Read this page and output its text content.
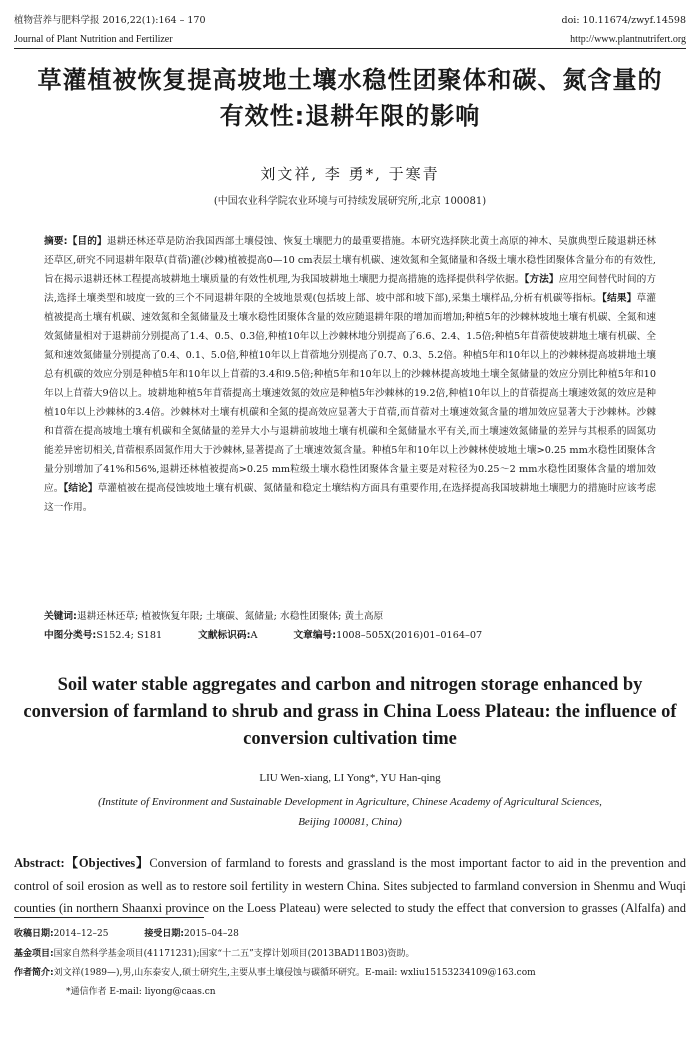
植物营养与肥料学报 2016,22(1):164 – 170	doi: 10.11674/zwyf.14598
Journal of Plant Nutrition and Fertilizer	http://www.plantnutrifert.org
草灌植被恢复提高坡地土壤水稳性团聚体和碳、氮含量的有效性:退耕年限的影响
刘文祥, 李 勇*, 于寒青
(中国农业科学院农业环境与可持续发展研究所,北京 100081)
摘要:【目的】退耕还林还草是防治我国西部土壤侵蚀、恢复土壤肥力的最重要措施。本研究选择陕北黄土高原的神木、吴旗典型丘陵退耕还林还草区,研究不同退耕年限草(苜蓿)灌(沙棘)植被提高0—10 cm表层土壤有机碳、速效氮和全氮储量和各级土壤水稳性团聚体含量分布的有效性,旨在揭示退耕还林工程提高坡耕地土壤质量的有效性机理,为我国坡耕地土壤肥力提高措施的选择提供科学依据。【方法】应用空间替代时间的方法,选择土壤类型和坡度一致的三个不同退耕年限的全坡地景观(包括坡上部、坡中部和坡下部),采集土壤样品,分析有机碳等指标。【结果】草灌植被提高土壤有机碳、速效氮和全氮储量及土壤水稳性团聚体含量的效应随退耕年限的增加而增加;种植5年的沙棘林坡地土壤有机碳、全氮和速效氮储量相对于退耕前分别提高了1.4、0.5、0.3倍,种植10年以上沙棘林地分别提高了6.6、2.4、1.5倍;种植5年苜蓿使坡耕地土壤有机碳、全氮和速效氮储量分别提高了0.4、0.1、5.0倍,种植10年以上苜蓿地分别提高了0.7、0.3、5.2倍。种植5年和10年以上的沙棘林提高坡耕地土壤总有机碳的效应分别是种植5年和10年以上苜蓿的3.4和9.5倍;种植5年和10年以上的沙棘林提高坡地土壤全氮储量的效应分别比种植5年和10年以上苜蓿大9倍以上。坡耕地种植5年苜蓿提高土壤速效氮的效应是种植5年沙棘林的19.2倍,种植10年以上的苜蓿提高土壤速效氮的效应是种植10年以上沙棘林的3.4倍。沙棘林对土壤有机碳和全氮的提高效应显著大于苜蓿,而苜蓿对土壤速效氮含量的增加效应显著大于沙棘林。沙棘和苜蓿在提高坡地土壤有机碳和全氮储量的差异大小与退耕前坡地土壤有机碳和全氮储量水平有关,而土壤速效氮储量的差异与其根系的固氮功能差异密切相关,苜蓿根系固氮作用大于沙棘林,显著提高了土壤速效氮含量。种植5年和10年以上沙棘林使坡地土壤>0.25 mm水稳性团聚体含量分别增加了41%和56%,退耕还林植被提高>0.25 mm粒级土壤水稳性团聚体含量主要是对粒径为0.25〜2 mm水稳性团聚体含量的增加效应。【结论】草灌植被在提高侵蚀坡地土壤有机碳、氮储量和稳定土壤结构方面具有重要作用,在选择提高我国坡耕地土壤肥力的措施时应该考虑这一作用。
关键词:退耕还林还草; 植被恢复年限; 土壤碳、氮储量; 水稳性团聚体; 黄土高原
中图分类号:S152.4; S181	文献标识码:A	文章编号:1008–505X(2016)01–0164–07
Soil water stable aggregates and carbon and nitrogen storage enhanced by conversion of farmland to shrub and grass in China Loess Plateau: the influence of conversion cultivation time
LIU Wen-xiang, LI Yong*, YU Han-qing
(Institute of Environment and Sustainable Development in Agriculture, Chinese Academy of Agricultural Sciences, Beijing 100081, China)
Abstract:【Objectives】Conversion of farmland to forests and grassland is the most important factor to aid in the prevention and control of soil erosion as well as to restore soil fertility in western China. Sites subjected to farmland conversion in Shenmu and Wuqi counties (in northern Shaanxi province on the Loess Plateau) were selected to study the effect that conversion to grasses (Alfalfa) and
收稿日期:2014–12–25	接受日期:2015–04–28
基金项目:国家自然科学基金项目(41171231);国家“十二五”支撑计划项目(2013BAD11B03)资助。
作者简介:刘文祥(1989—),男,山东泰安人,硕士研究生,主要从事土壤侵蚀与碳循环研究。E-mail: wxliu15153234109@163.com
*通信作者 E-mail: liyong@caas.cn
